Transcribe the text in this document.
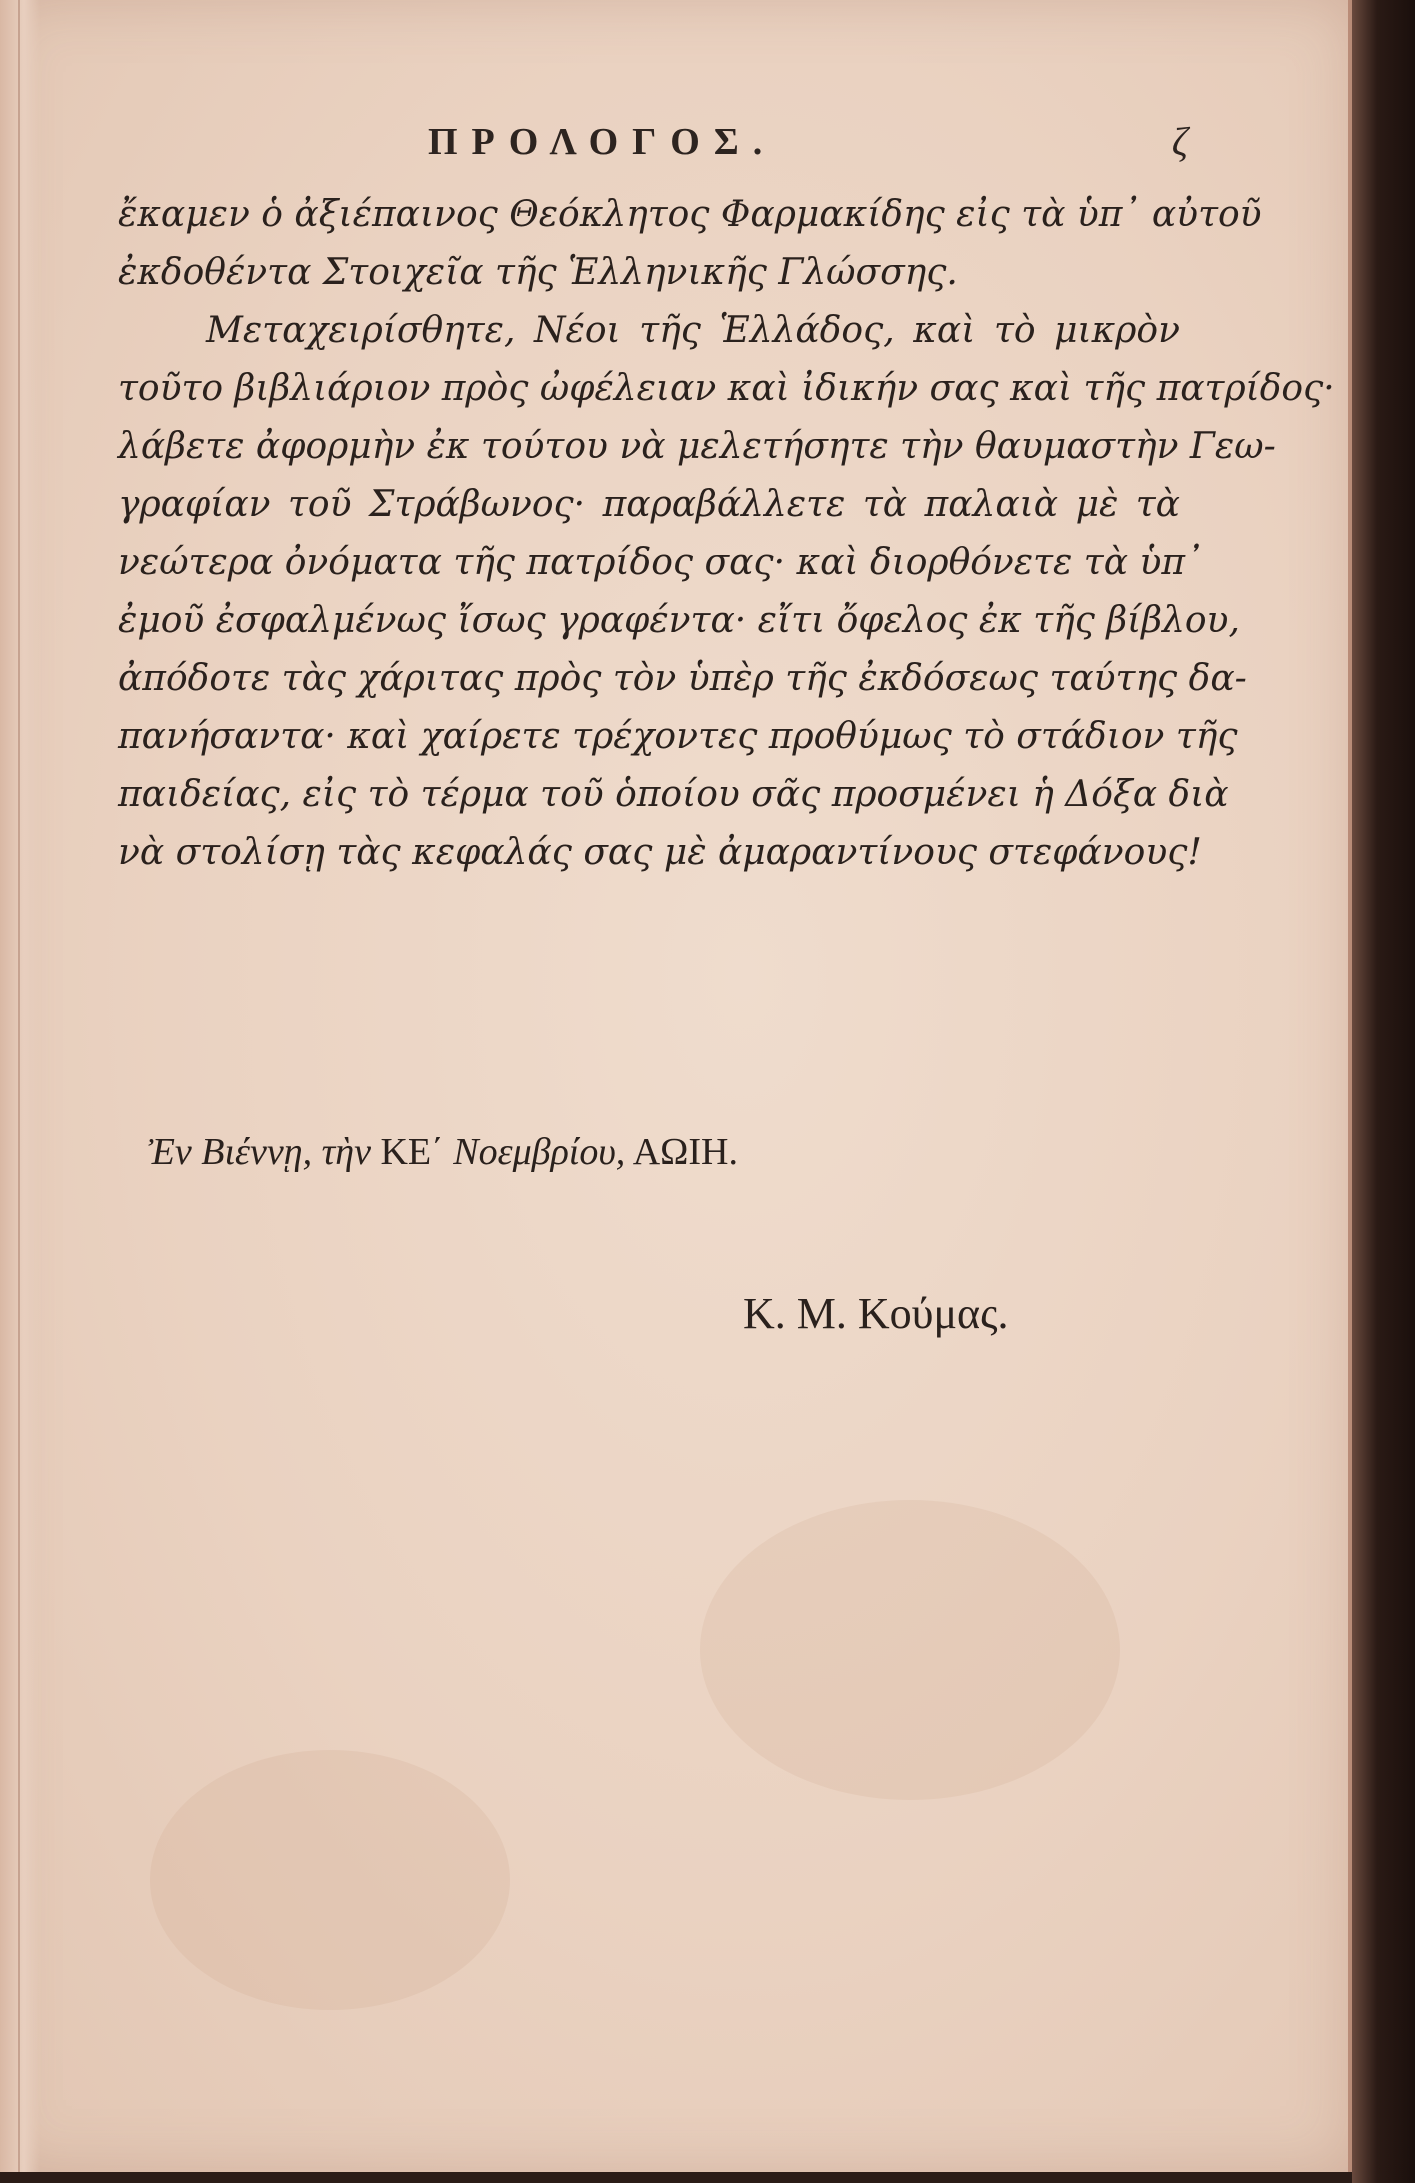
ΠΡΟΛΟΓΟΣ.	ζ

ἔκαμεν ὁ ἀξιέπαινος Θεόκλητος Φαρμακίδης εἰς τὰ ὑπ᾽ αὐτοῦ
ἐκδοθέντα Στοιχεῖα τῆς Ἑλληνικῆς Γλώσσης.

Μεταχειρίσθητε, Νέοι τῆς Ἑλλάδος, καὶ τὸ μικρὸν
τοῦτο βιβλιάριον πρὸς ὠφέλειαν καὶ ἰδικήν σας καὶ τῆς πατρίδος·
λάβετε ἀφορμὴν ἐκ τούτου νὰ μελετήσητε τὴν θαυμαστὴν Γεω-
γραφίαν τοῦ Στράβωνος· παραβάλλετε τὰ παλαιὰ μὲ τὰ
νεώτερα ὀνόματα τῆς πατρίδος σας· καὶ διορθόνετε τὰ ὑπ᾽
ἐμοῦ ἐσφαλμένως ἴσως γραφέντα· εἴτι ὄφελος ἐκ τῆς βίβλου,
ἀπόδοτε τὰς χάριτας πρὸς τὸν ὑπὲρ τῆς ἐκδόσεως ταύτης δα-
πανήσαντα· καὶ χαίρετε τρέχοντες προθύμως τὸ στάδιον τῆς
παιδείας, εἰς τὸ τέρμα τοῦ ὁποίου σᾶς προσμένει ἡ Δόξα διὰ
νὰ στολίσῃ τὰς κεφαλάς σας μὲ ἀμαραντίνους στεφάνους!

Ἐν Βιέννῃ, τὴν ΚΕ΄ Νοεμβρίου, ΑΩΙΗ.
Κ. Μ. Κούμας.
